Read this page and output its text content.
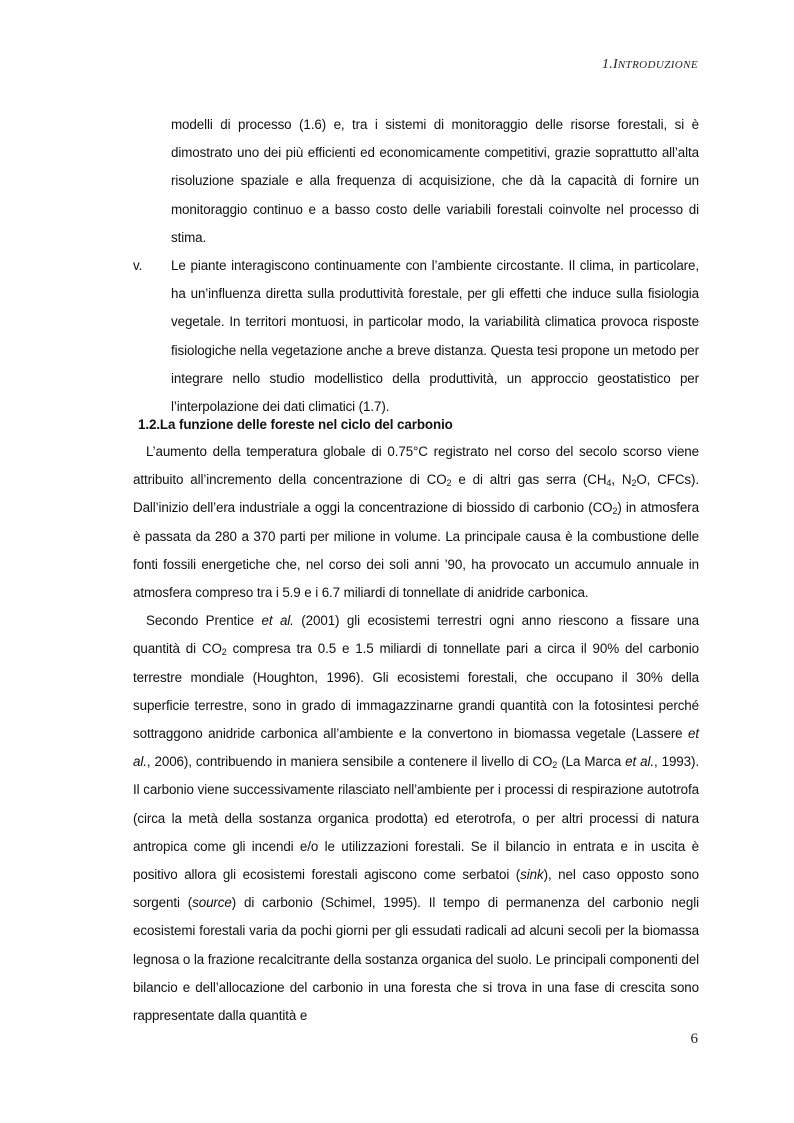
1.INTRODUZIONE

modelli di processo (1.6) e, tra i sistemi di monitoraggio delle risorse forestali, si è dimostrato uno dei più efficienti ed economicamente competitivi, grazie soprattutto all’alta risoluzione spaziale e alla frequenza di acquisizione, che dà la capacità di fornire un monitoraggio continuo e a basso costo delle variabili forestali coinvolte nel processo di stima.

v. Le piante interagiscono continuamente con l’ambiente circostante. Il clima, in particolare, ha un’influenza diretta sulla produttività forestale, per gli effetti che induce sulla fisiologia vegetale. In territori montuosi, in particolar modo, la variabilità climatica provoca risposte fisiologiche nella vegetazione anche a breve distanza. Questa tesi propone un metodo per integrare nello studio modellistico della produttività, un approccio geostatistico per l’interpolazione dei dati climatici (1.7).
1.2.La funzione delle foreste nel ciclo del carbonio

L’aumento della temperatura globale di 0.75°C registrato nel corso del secolo scorso viene attribuito all’incremento della concentrazione di $CO_2$ e di altri gas serra ($CH_4$, $N_2O$, CFCs). Dall’inizio dell’era industriale a oggi la concentrazione di biossido di carbonio $(CO_2)$ in atmosfera è passata da 280 a 370 parti per milione in volume. La principale causa è la combustione delle fonti fossili energetiche che, nel corso dei soli anni ’90, ha provocato un accumulo annuale in atmosfera compreso tra i 5.9 e i 6.7 miliardi di tonnellate di anidride carbonica.

Secondo Prentice et al. (2001) gli ecosistemi terrestri ogni anno riescono a fissare una quantità di $CO_2$ compresa tra 0.5 e 1.5 miliardi di tonnellate pari a circa il 90% del carbonio terrestre mondiale (Houghton, 1996). Gli ecosistemi forestali, che occupano il 30% della superficie terrestre, sono in grado di immagazzinarne grandi quantità con la fotosintesi perché sottraggono anidride carbonica all’ambiente e la convertono in biomassa vegetale (Lassere et al., 2006), contribuendo in maniera sensibile a contenere il livello di $CO_2$ (La Marca et al., 1993). Il carbonio viene successivamente rilasciato nell’ambiente per i processi di respirazione autotrofa (circa la metà della sostanza organica prodotta) ed eterotrofa, o per altri processi di natura antropica come gli incendi e/o le utilizzazioni forestali. Se il bilancio in entrata e in uscita è positivo allora gli ecosistemi forestali agiscono come serbatoi (sink), nel caso opposto sono sorgenti (source) di carbonio (Schimel, 1995). Il tempo di permanenza del carbonio negli ecosistemi forestali varia da pochi giorni per gli essudati radicali ad alcuni secoli per la biomassa legnosa o la frazione recalcitrante della sostanza organica del suolo. Le principali componenti del bilancio e dell’allocazione del carbonio in una foresta che si trova in una fase di crescita sono rappresentate dalla quantità e

6
